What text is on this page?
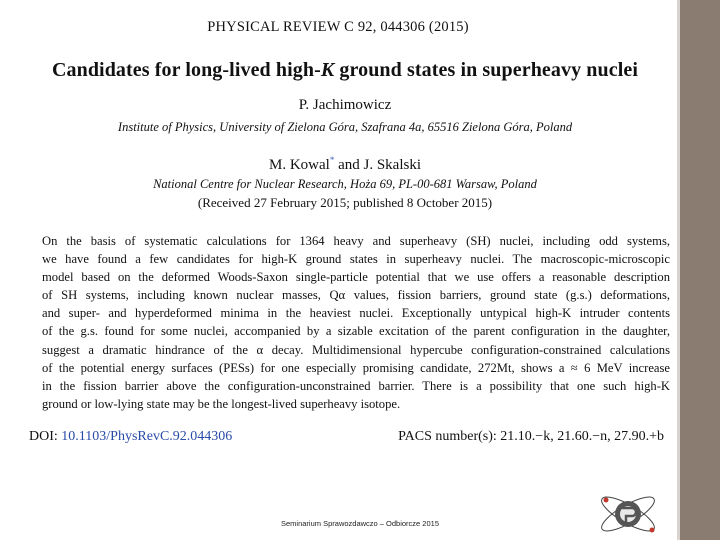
PHYSICAL REVIEW C 92, 044306 (2015)
Candidates for long-lived high-K ground states in superheavy nuclei
P. Jachimowicz
Institute of Physics, University of Zielona Góra, Szafrana 4a, 65516 Zielona Góra, Poland
M. Kowal* and J. Skalski
National Centre for Nuclear Research, Hoża 69, PL-00-681 Warsaw, Poland
(Received 27 February 2015; published 8 October 2015)
On the basis of systematic calculations for 1364 heavy and superheavy (SH) nuclei, including odd systems,
we have found a few candidates for high-K ground states in superheavy nuclei. The macroscopic-microscopic
model based on the deformed Woods-Saxon single-particle potential that we use offers a reasonable description
of SH systems, including known nuclear masses, Qα values, fission barriers, ground state (g.s.) deformations,
and super- and hyperdeformed minima in the heaviest nuclei. Exceptionally untypical high-K intruder contents
of the g.s. found for some nuclei, accompanied by a sizable excitation of the parent configuration in the daughter,
suggest a dramatic hindrance of the α decay. Multidimensional hypercube configuration-constrained calculations
of the potential energy surfaces (PESs) for one especially promising candidate, 272Mt, shows a ≈ 6 MeV increase
in the fission barrier above the configuration-unconstrained barrier. There is a possibility that one such high-K
ground or low-lying state may be the longest-lived superheavy isotope.
DOI: 10.1103/PhysRevC.92.044306	PACS number(s): 21.10.−k, 21.60.−n, 27.90.+b
Seminarium Sprawozdawczo – Odbiorcze 2015
